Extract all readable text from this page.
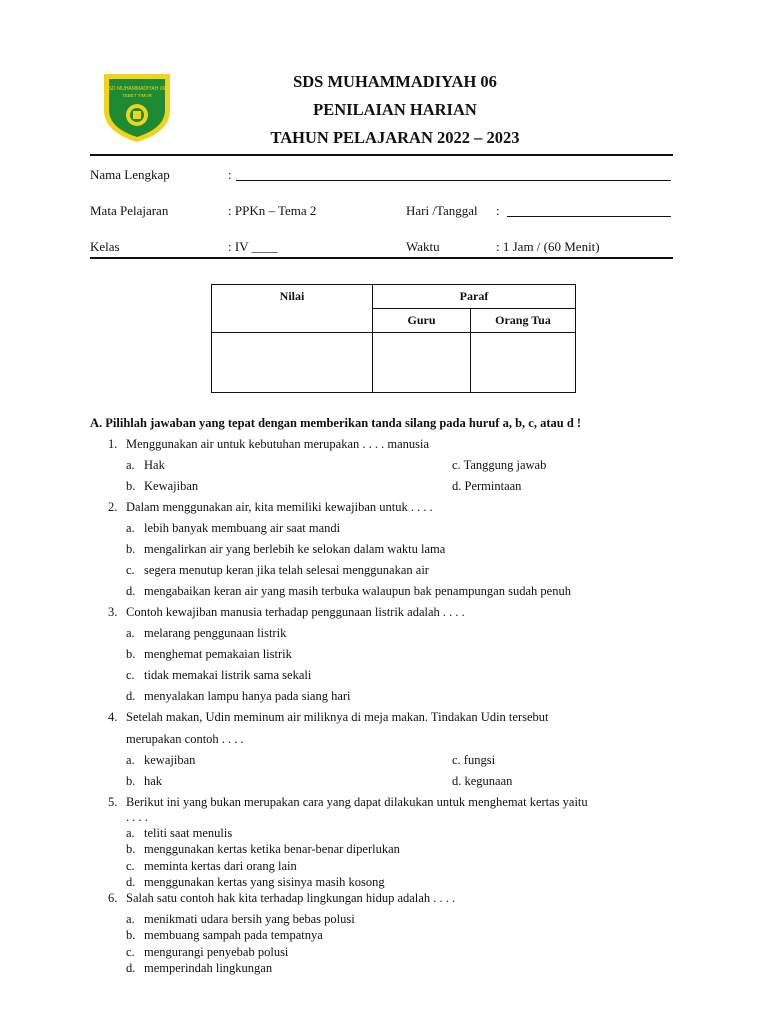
SD MUHAMMADIYAH 06
TEBET TIMUR
SDS MUHAMMADIYAH 06
PENILAIAN HARIAN
TAHUN PELAJARAN 2022 – 2023
Nama Lengkap	:
Mata Pelajaran	: PPKn – Tema 2	Hari /Tanggal :
Kelas	: IV ____	Waktu	: 1 Jam / (60 Menit)
Nilai	Paraf	
	Guru	Orang Tua

A. Pilihlah jawaban yang tepat dengan memberikan tanda silang pada huruf a, b, c, atau d !
1. Menggunakan air untuk kebutuhan merupakan . . . . manusia
a. Hak	c. Tanggung jawab
b. Kewajiban	d. Permintaan
2. Dalam menggunakan air, kita memiliki kewajiban untuk . . . .
a. lebih banyak membuang air saat mandi
b. mengalirkan air yang berlebih ke selokan dalam waktu lama
c. segera menutup keran jika telah selesai menggunakan air
d. mengabaikan keran air yang masih terbuka walaupun bak penampungan sudah penuh
3. Contoh kewajiban manusia terhadap penggunaan listrik adalah . . . .
a. melarang penggunaan listrik
b. menghemat pemakaian listrik
c. tidak memakai listrik sama sekali
d. menyalakan lampu hanya pada siang hari
4. Setelah makan, Udin meminum air miliknya di meja makan. Tindakan Udin tersebut
merupakan contoh . . . .
a. kewajiban	c. fungsi
b. hak	d. kegunaan
5. Berikut ini yang bukan merupakan cara yang dapat dilakukan untuk menghemat kertas yaitu
. . . .
a. teliti saat menulis
b. menggunakan kertas ketika benar-benar diperlukan
c. meminta kertas dari orang lain
d. menggunakan kertas yang sisinya masih kosong
6. Salah satu contoh hak kita terhadap lingkungan hidup adalah . . . .
a. menikmati udara bersih yang bebas polusi
b. membuang sampah pada tempatnya
c. mengurangi penyebab polusi
d. memperindah lingkungan
